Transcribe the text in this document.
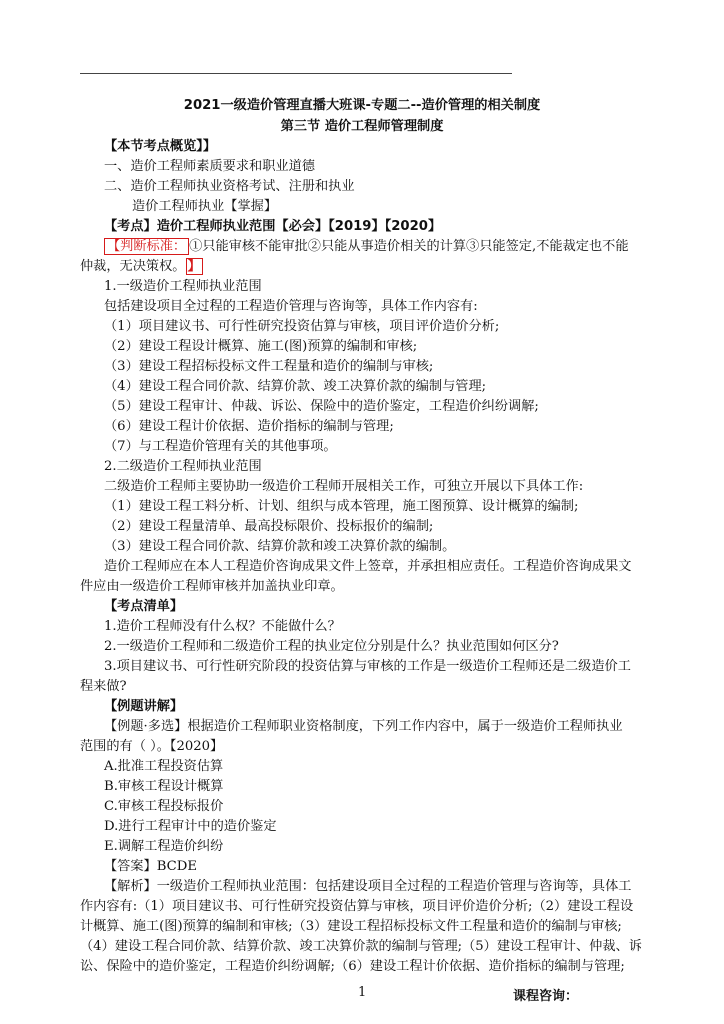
2021一级造价管理直播大班课-专题二--造价管理的相关制度
第三节 造价工程师管理制度
【本节考点概览】】
一、造价工程师素质要求和职业道德
二、造价工程师执业资格考试、注册和执业
造价工程师执业【掌握】
【考点】造价工程师执业范围【必会】【2019】【2020】
【判断标准： ①只能审核不能审批②只能从事造价相关的计算③只能签定,不能裁定也不能
仲裁，无决策权。 】
1.一级造价工程师执业范围
包括建设项目全过程的工程造价管理与咨询等，具体工作内容有:
（1）项目建议书、可行性研究投资估算与审核，项目评价造价分析;
（2）建设工程设计概算、施工(图)预算的编制和审核;
（3）建设工程招标投标文件工程量和造价的编制与审核;
（4）建设工程合同价款、结算价款、竣工决算价款的编制与管理;
（5）建设工程审计、仲裁、诉讼、保险中的造价鉴定，工程造价纠纷调解;
（6）建设工程计价依据、造价指标的编制与管理;
（7）与工程造价管理有关的其他事项。
2.二级造价工程师执业范围
二级造价工程师主要协助一级造价工程师开展相关工作，可独立开展以下具体工作:
（1）建设工程工料分析、计划、组织与成本管理，施工图预算、设计概算的编制;
（2）建设工程量清单、最高投标限价、投标报价的编制;
（3）建设工程合同价款、结算价款和竣工决算价款的编制。
造价工程师应在本人工程造价咨询成果文件上签章，并承担相应责任。工程造价咨询成果文
件应由一级造价工程师审核并加盖执业印章。
【考点清单】
1.造价工程师没有什么权？不能做什么？
2.一级造价工程师和二级造价工程的执业定位分别是什么？执业范围如何区分?
3.项目建议书、可行性研究阶段的投资估算与审核的工作是一级造价工程师还是二级造价工
程来做?
【例题讲解】
【例题·多选】根据造价工程师职业资格制度，下列工作内容中，属于一级造价工程师执业
范围的有（ ）。【2020】
A.批准工程投资估算
B.审核工程设计概算
C.审核工程投标报价
D.进行工程审计中的造价鉴定
E.调解工程造价纠纷
【答案】BCDE
【解析】一级造价工程师执业范围：包括建设项目全过程的工程造价管理与咨询等，具体工
作内容有:（1）项目建议书、可行性研究投资估算与审核，项目评价造价分析;（2）建设工程设
计概算、施工(图)预算的编制和审核;（3）建设工程招标投标文件工程量和造价的编制与审核;
（4）建设工程合同价款、结算价款、竣工决算价款的编制与管理;（5）建设工程审计、仲裁、诉
讼、保险中的造价鉴定，工程造价纠纷调解;（6）建设工程计价依据、造价指标的编制与管理;
1	课程咨询：
